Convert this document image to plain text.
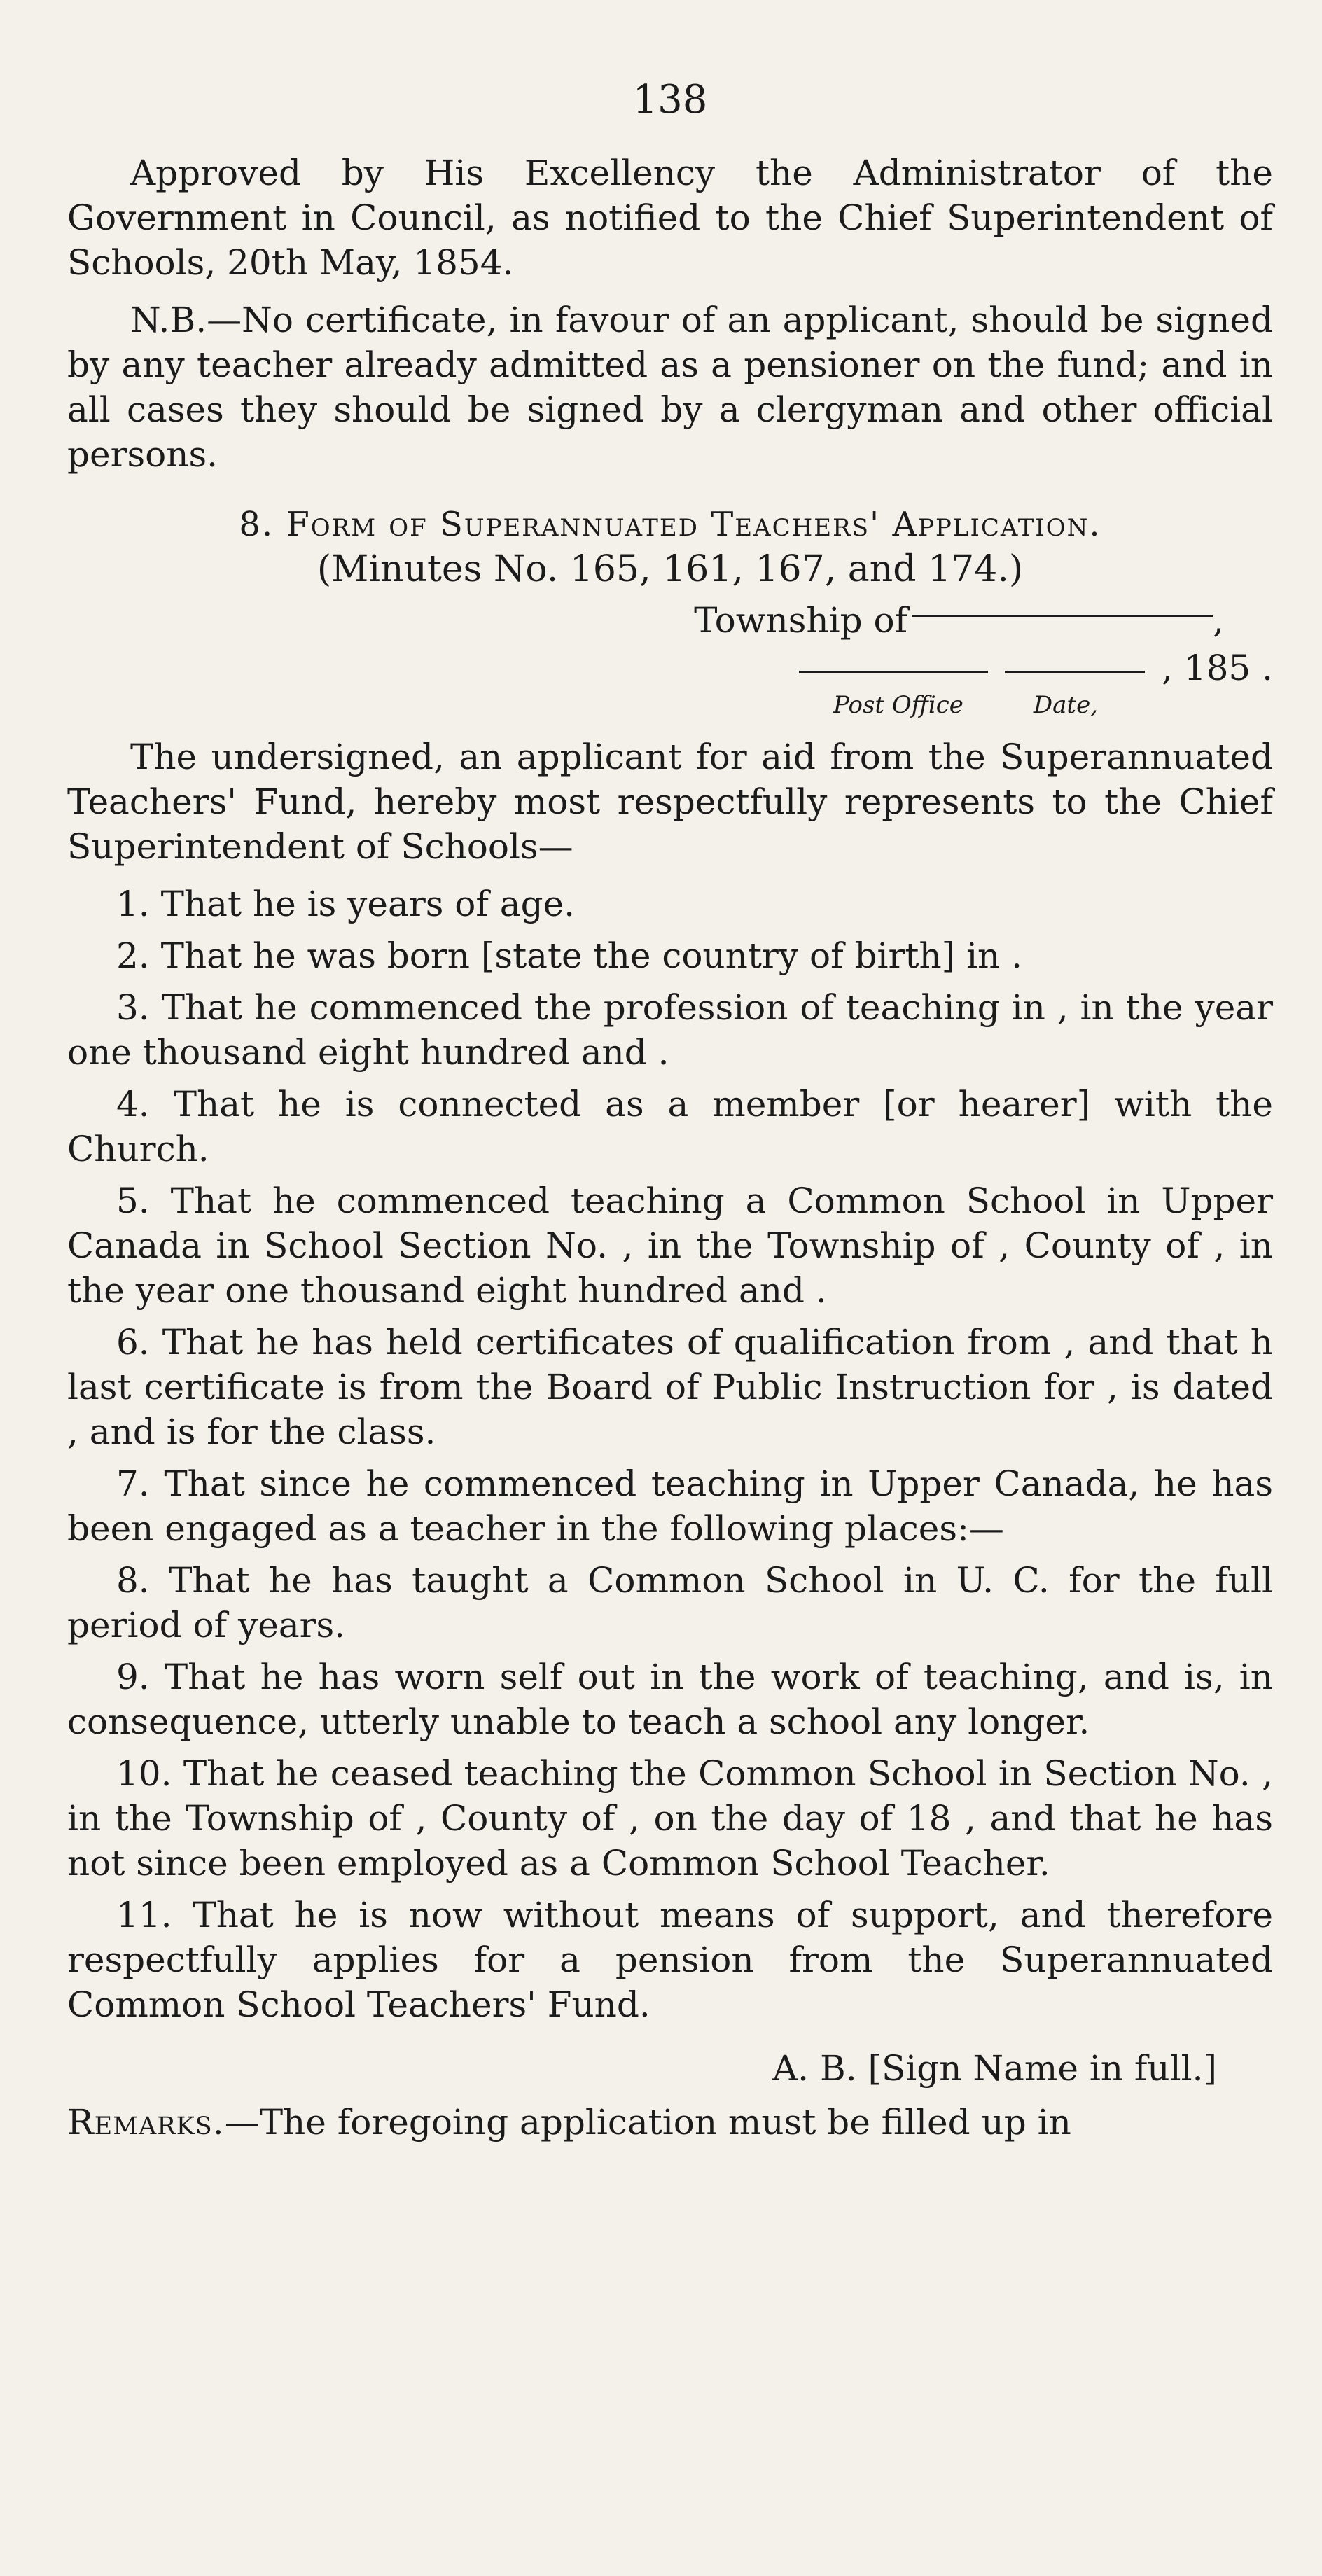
138

Approved by His Excellency the Administrator of the Government in Council, as notified to the Chief Superintendent of Schools, 20th May, 1854.

N.B.—No certificate, in favour of an applicant, should be signed by any teacher already admitted as a pensioner on the fund; and in all cases they should be signed by a clergyman and other official persons.

8. Form of Superannuated Teachers' Application.
(Minutes No. 165, 161, 167, and 174.)
Township of	,
, 185 .
Post Office	Date,

The undersigned, an applicant for aid from the Superannuated Teachers' Fund, hereby most respectfully represents to the Chief Superintendent of Schools—

1. That he is years of age.

2. That he was born [state the country of birth] in .

3. That he commenced the profession of teaching in , in the year one thousand eight hundred and .

4. That he is connected as a member [or hearer] with the Church.

5. That he commenced teaching a Common School in Upper Canada in School Section No. , in the Township of , County of , in the year one thousand eight hundred and .

6. That he has held certificates of qualification from , and that h last certificate is from the Board of Public Instruction for , is dated , and is for the class.

7. That since he commenced teaching in Upper Canada, he has been engaged as a teacher in the following places:—

8. That he has taught a Common School in U. C. for the full period of years.

9. That he has worn self out in the work of teaching, and is, in consequence, utterly unable to teach a school any longer.

10. That he ceased teaching the Common School in Section No. , in the Township of , County of , on the day of 18 , and that he has not since been employed as a Common School Teacher.

11. That he is now without means of support, and therefore respectfully applies for a pension from the Superannuated Common School Teachers' Fund.

A. B. [Sign Name in full.]
Remarks.—The foregoing application must be filled up in
